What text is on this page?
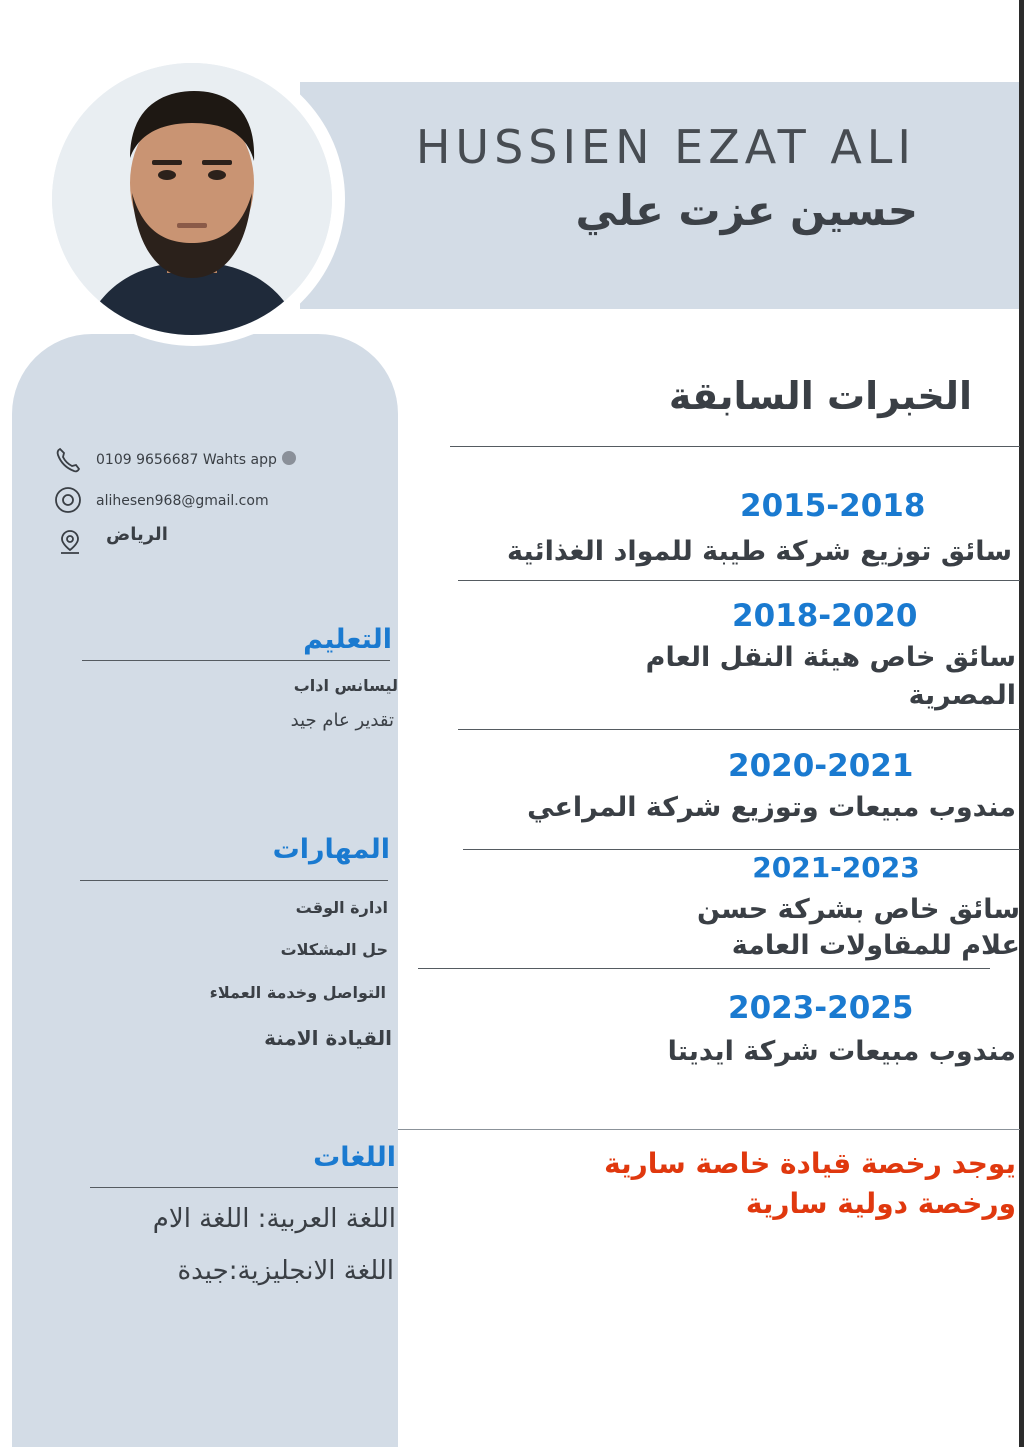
HUSSIEN EZAT ALI
حسين عزت علي
0109 9656687 Wahts app
alihesen968@gmail.com
الرياض
التعليم
ليسانس اداب
تقدير عام جيد
المهارات
ادارة الوقت
حل المشكلات
التواصل وخدمة العملاء
القيادة الامنة
اللغات
اللغة العربية: اللغة الام
اللغة الانجليزية:جيدة
الخبرات السابقة
2015-2018
سائق توزيع شركة طيبة للمواد الغذائية
2018-2020
سائق خاص هيئة النقل العام
المصرية
2020-2021
مندوب مبيعات وتوزيع شركة المراعي
2021-2023
سائق خاص بشركة حسن
علام للمقاولات العامة
2023-2025
مندوب مبيعات شركة ايديتا
يوجد رخصة قيادة خاصة سارية
ورخصة دولية سارية
